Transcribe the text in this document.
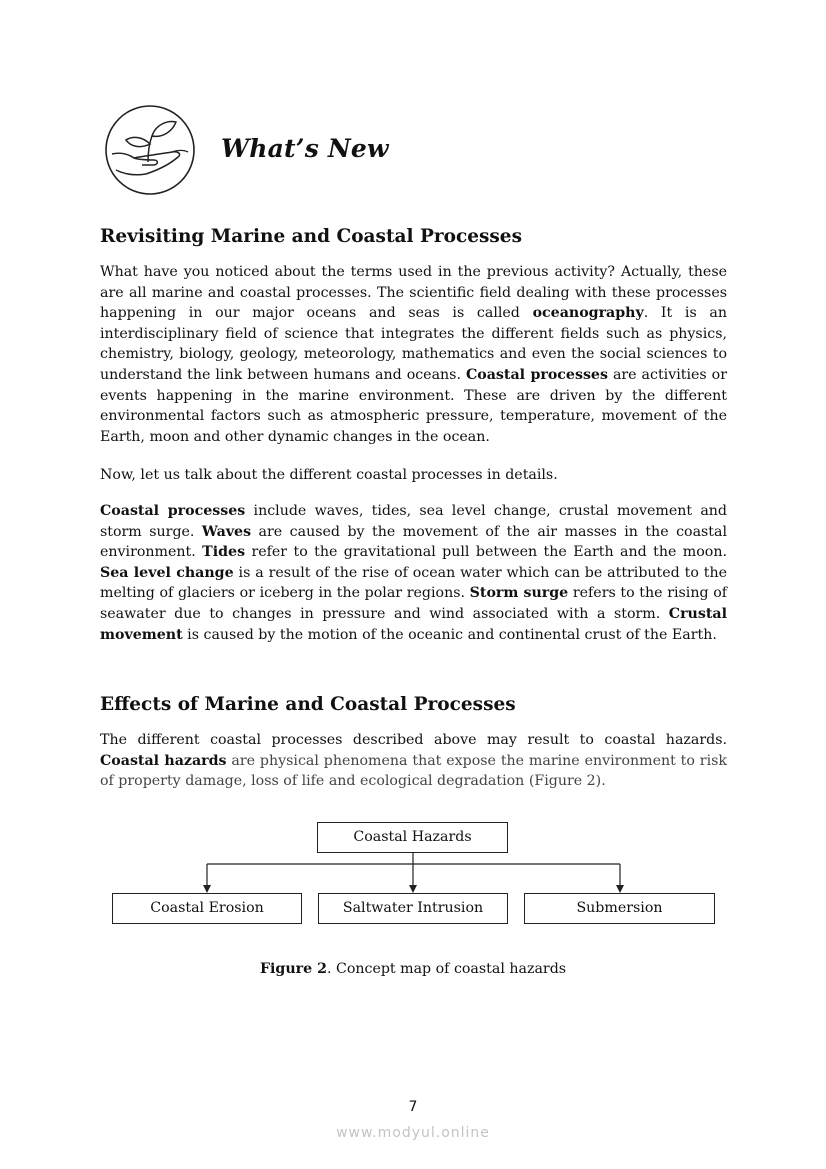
What’s New
Revisiting Marine and Coastal Processes

What have you noticed about the terms used in the previous activity? Actually, these are all marine and coastal processes. The scientific field dealing with these processes happening in our major oceans and seas is called oceanography. It is an interdisciplinary field of science that integrates the different fields such as physics, chemistry, biology, geology, meteorology, mathematics and even the social sciences to understand the link between humans and oceans. Coastal processes are activities or events happening in the marine environment. These are driven by the different environmental factors such as atmospheric pressure, temperature, movement of the Earth, moon and other dynamic changes in the ocean.

Now, let us talk about the different coastal processes in details.

Coastal processes include waves, tides, sea level change, crustal movement and storm surge. Waves are caused by the movement of the air masses in the coastal environment. Tides refer to the gravitational pull between the Earth and the moon. Sea level change is a result of the rise of ocean water which can be attributed to the melting of glaciers or iceberg in the polar regions. Storm surge refers to the rising of seawater due to changes in pressure and wind associated with a storm. Crustal movement is caused by the motion of the oceanic and continental crust of the Earth.

Effects of Marine and Coastal Processes

The different coastal processes described above may result to coastal hazards. Coastal hazards are physical phenomena that expose the marine environment to risk of property damage, loss of life and ecological degradation (Figure 2).

Coastal Hazards
Coastal Erosion	Saltwater Intrusion	Submersion
Figure 2. Concept map of coastal hazards
7
www.modyul.online
